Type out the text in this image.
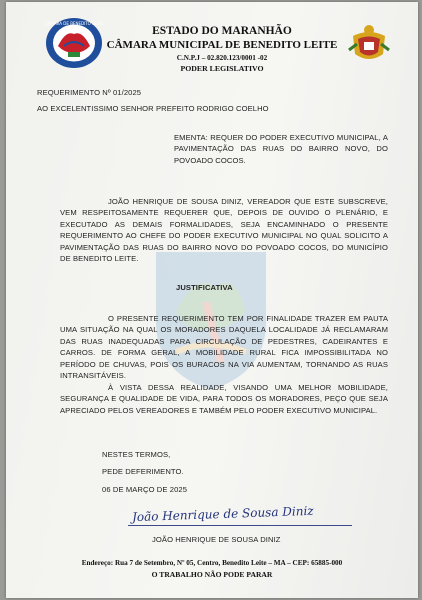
CÂMARA DE BENEDITO LEITE
ESTADO DO MARANHÃO
CÂMARA MUNICIPAL DE BENEDITO LEITE
C.N.P.J – 02.820.123/0001 -02
PODER LEGISLATIVO
REQUERIMENTO Nº 01/2025
AO EXCELENTISSIMO SENHOR PREFEITO RODRIGO COELHO
EMENTA: REQUER DO PODER EXECUTIVO MUNICIPAL, A PAVIMENTAÇÃO DAS RUAS DO BAIRRO NOVO, DO POVOADO COCOS.
JOÃO HENRIQUE DE SOUSA DINIZ, VEREADOR QUE ESTE SUBSCREVE, VEM RESPEITOSAMENTE REQUERER QUE, DEPOIS DE OUVIDO O PLENÁRIO, E EXECUTADO AS DEMAIS FORMALIDADES, SEJA ENCAMINHADO O PRESENTE REQUERIMENTO AO CHEFE DO PODER EXECUTIVO MUNICIPAL NO QUAL SOLICITO A PAVIMENTAÇÃO DAS RUAS DO BAIRRO NOVO DO POVOADO COCOS, DO MUNICÍPIO DE BENEDITO LEITE.
JUSTIFICATIVA
O PRESENTE REQUERIMENTO TEM POR FINALIDADE TRAZER EM PAUTA UMA SITUAÇÃO NA QUAL OS MORADORES DAQUELA LOCALIDADE JÁ RECLAMARAM DAS RUAS INADEQUADAS PARA CIRCULAÇÃO DE PEDESTRES, CADEIRANTES E CARROS. DE FORMA GERAL, A MOBILIDADE RURAL FICA IMPOSSIBILITADA NO PERÍODO DE CHUVAS, POIS OS BURACOS NA VIA AUMENTAM, TORNANDO AS RUAS INTRANSITÁVEIS.
À VISTA DESSA REALIDADE, VISANDO UMA MELHOR MOBILIDADE, SEGURANÇA E QUALIDADE DE VIDA, PARA TODOS OS MORADORES, PEÇO QUE SEJA APRECIADO PELOS VEREADORES E TAMBÉM PELO PODER EXECUTIVO MUNICIPAL.
NESTES TERMOS,
PEDE DEFERIMENTO.
06 DE MARÇO DE 2025
João Henrique de Sousa Diniz
JOÃO HENRIQUE DE SOUSA DINIZ
Endereço: Rua 7 de Setembro, Nº 05, Centro, Benedito Leite – MA – CEP: 65885-000
O TRABALHO NÃO PODE PARAR
